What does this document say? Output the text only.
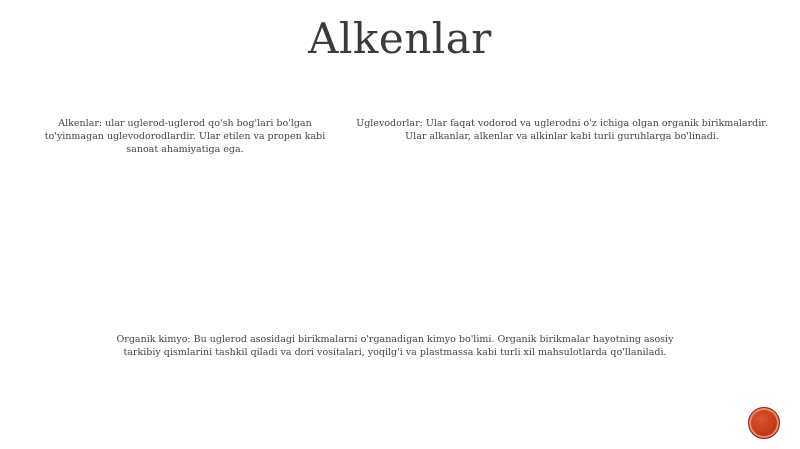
Alkenlar
Alkenlar: ular uglerod-uglerod qo'sh bog'lari bo'lgan to'yinmagan uglevodorodlardir. Ular etilen va propen kabi sanoat ahamiyatiga ega.
Uglevodorlar: Ular faqat vodorod va uglerodni o'z ichiga olgan organik birikmalardir. Ular alkanlar, alkenlar va alkinlar kabi turli guruhlarga bo'linadi.
Organik kimyo: Bu uglerod asosidagi birikmalarni o'rganadigan kimyo bo'limi. Organik birikmalar hayotning asosiy tarkibiy qismlarini tashkil qiladi va dori vositalari, yoqilg'i va plastmassa kabi turli xil mahsulotlarda qo'llaniladi.
